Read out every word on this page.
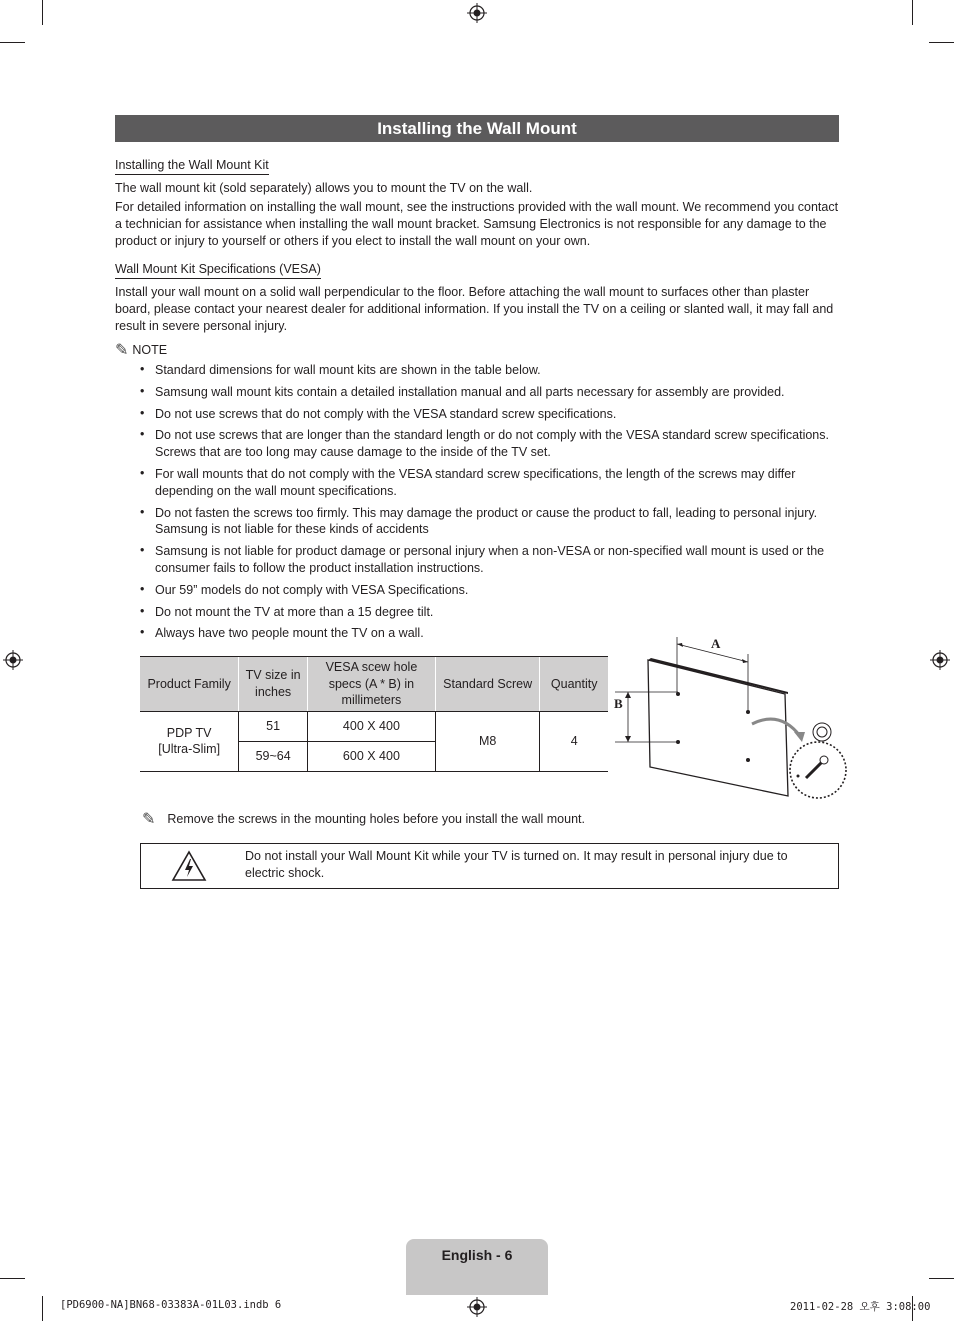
Installing the Wall Mount
Installing the Wall Mount Kit

The wall mount kit (sold separately) allows you to mount the TV on the wall.

For detailed information on installing the wall mount, see the instructions provided with the wall mount. We recommend you contact a technician for assistance when installing the wall mount bracket. Samsung Electronics is not responsible for any damage to the product or injury to yourself or others if you elect to install the wall mount on your own.

Wall Mount Kit Specifications (VESA)

Install your wall mount on a solid wall perpendicular to the floor. Before attaching the wall mount to surfaces other than plaster board, please contact your nearest dealer for additional information. If you install the TV on a ceiling or slanted wall, it may fall and result in severe personal injury.

✎ NOTE
• Standard dimensions for wall mount kits are shown in the table below.
• Samsung wall mount kits contain a detailed installation manual and all parts necessary for assembly are provided.
• Do not use screws that do not comply with the VESA standard screw specifications.
• Do not use screws that are longer than the standard length or do not comply with the VESA standard screw specifications. Screws that are too long may cause damage to the inside of the TV set.
• For wall mounts that do not comply with the VESA standard screw specifications, the length of the screws may differ depending on the wall mount specifications.
• Do not fasten the screws too firmly. This may damage the product or cause the product to fall, leading to personal injury. Samsung is not liable for these kinds of accidents
• Samsung is not liable for product damage or personal injury when a non-VESA or non-specified wall mount is used or the consumer fails to follow the product installation instructions.
• Our 59” models do not comply with VESA Specifications.
• Do not mount the TV at more than a 15 degree tilt.
• Always have two people mount the TV on a wall.
Product Family	TV size in inches	VESA scew hole specs (A * B) in millimeters	Standard Screw	Quantity
PDP TV
[Ultra-Slim]	51	400 X 400	M8	4
	59~64	600 X 400		
A
B
✎ Remove the screws in the mounting holes before you install the wall mount.
Do not install your Wall Mount Kit while your TV is turned on. It may result in personal injury due to electric shock.
English - 6
[PD6900-NA]BN68-03383A-01L03.indb 6	2011-02-28 오후 3:08:00
